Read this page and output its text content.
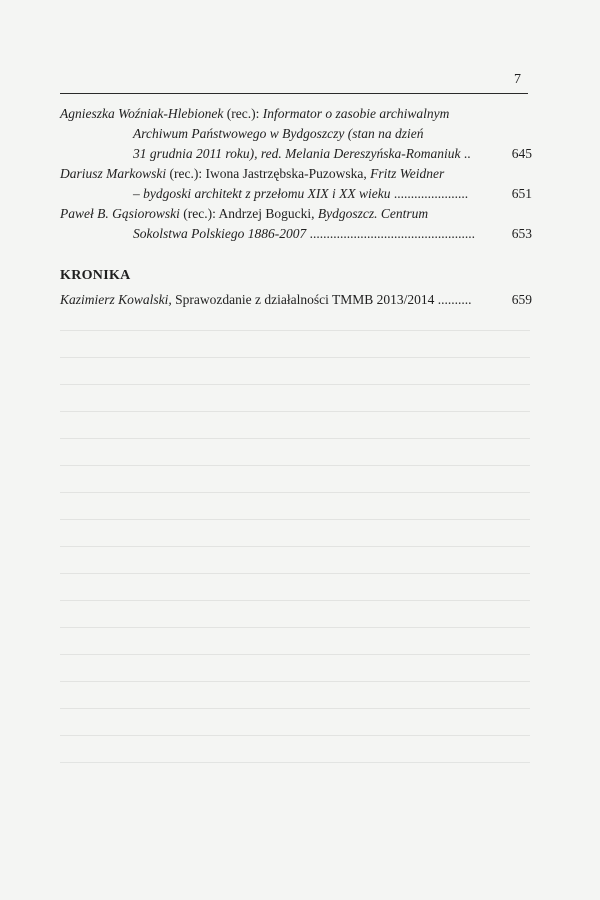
7
Agnieszka Woźniak-Hlebionek (rec.): Informator o zasobie archiwalnym
Archiwum Państwowego w Bydgoszczy (stan na dzień
31 grudnia 2011 roku), red. Melania Dereszyńska-Romaniuk ..	645
Dariusz Markowski (rec.): Iwona Jastrzębska-Puzowska, Fritz Weidner
– bydgoski architekt z przełomu XIX i XX wieku ......................	651
Paweł B. Gąsiorowski (rec.): Andrzej Bogucki, Bydgoszcz. Centrum
Sokolstwa Polskiego 1886-2007 .................................................	653
KRONIKA
Kazimierz Kowalski, Sprawozdanie z działalności TMMB 2013/2014 ..........	659
